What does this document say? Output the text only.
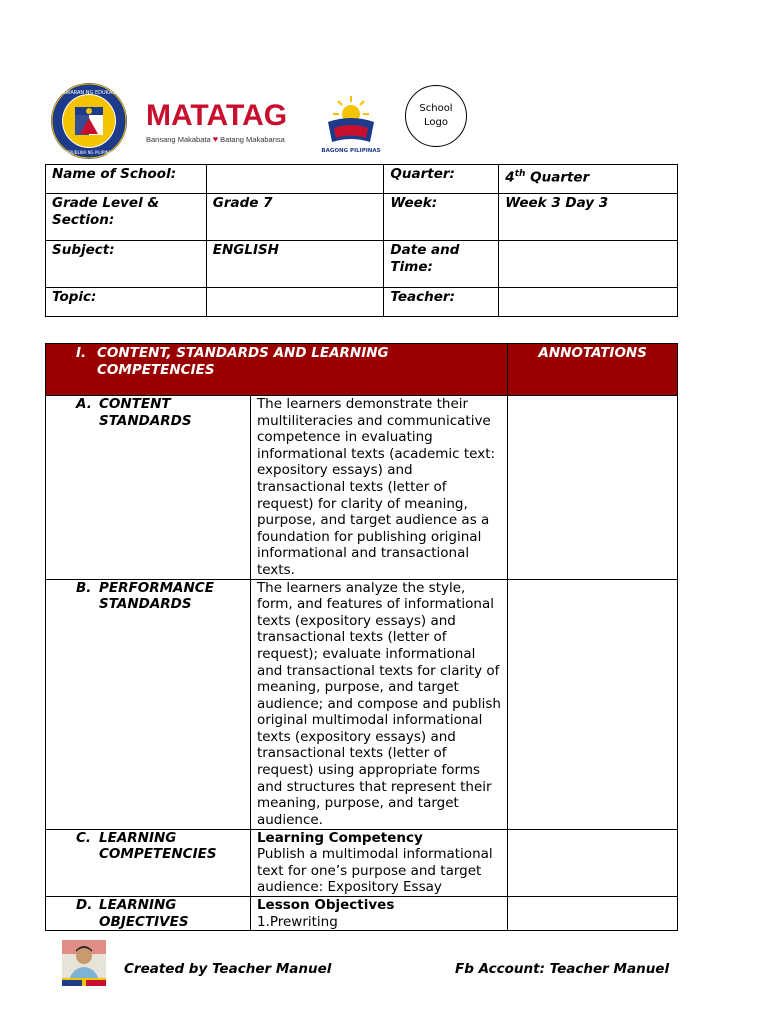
KAGAWARAN NG EDUKASYON
REPUBLIKA NG PILIPINAS
MATATAG
Bansang Makabata ♥ Batang Makabansa
BAGONG PILIPINAS
School
Logo
Name of School:		Quarter:	4th Quarter
Grade Level & Section:	Grade 7	Week:	Week 3 Day 3
Subject:	ENGLISH	Date and Time:	
Topic:		Teacher:	
I. CONTENT, STANDARDS AND LEARNING COMPETENCIES		ANNOTATIONS

A. CONTENT STANDARDS	The learners demonstrate their multiliteracies and communicative competence in evaluating informational texts (academic text: expository essays) and transactional texts (letter of request) for clarity of meaning, purpose, and target audience as a foundation for publishing original informational and transactional texts.	

B. PERFORMANCE STANDARDS	The learners analyze the style, form, and features of informational texts (expository essays) and transactional texts (letter of request); evaluate informational and transactional texts for clarity of meaning, purpose, and target audience; and compose and publish original multimodal informational texts (expository essays) and transactional texts (letter of request) using appropriate forms and structures that represent their meaning, purpose, and target audience.	

C. LEARNING COMPETENCIES	Learning Competency
Publish a multimodal informational text for one’s purpose and target audience: Expository Essay	

D. LEARNING OBJECTIVES	Lesson Objectives
1.Prewriting	
Created by Teacher Manuel	Fb Account: Teacher Manuel
